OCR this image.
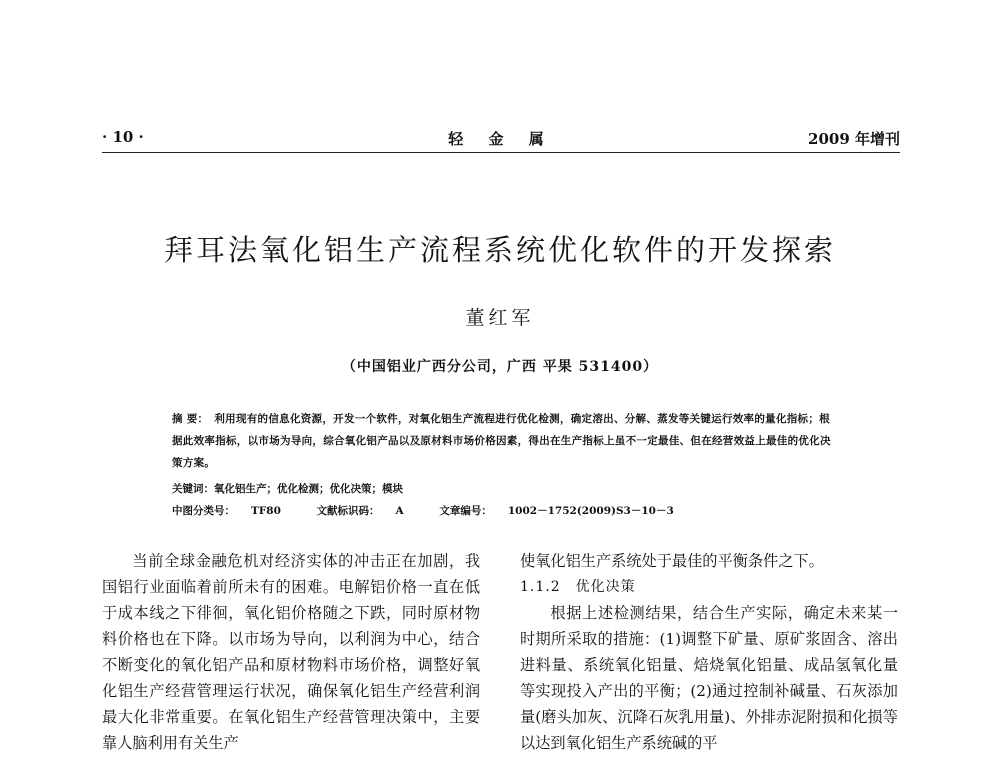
· 10 ·	轻 金 属	2009 年增刊
拜耳法氧化铝生产流程系统优化软件的开发探索
董红军
（中国铝业广西分公司，广西 平果 531400）
摘 要： 利用现有的信息化资源，开发一个软件，对氧化铝生产流程进行优化检测，确定溶出、分解、蒸发等关键运行效率的量化指标；根据此效率指标，以市场为导向，综合氧化铝产品以及原材料市场价格因素，得出在生产指标上虽不一定最佳、但在经营效益上最佳的优化决策方案。
关键词：氧化铝生产；优化检测；优化决策；模块
中图分类号： TF80	文献标识码： A	文章编号： 1002－1752(2009)S3－10－3

当前全球金融危机对经济实体的冲击正在加剧，我国铝行业面临着前所未有的困难。电解铝价格一直在低于成本线之下徘徊，氧化铝价格随之下跌，同时原材物料价格也在下降。以市场为导向，以利润为中心，结合不断变化的氧化铝产品和原材物料市场价格，调整好氧化铝生产经营管理运行状况，确保氧化铝生产经营利润最大化非常重要。在氧化铝生产经营管理决策中，主要靠人脑利用有关生产

使氧化铝生产系统处于最佳的平衡条件之下。

1.1.2　优化决策

根据上述检测结果，结合生产实际，确定未来某一时期所采取的措施：(1)调整下矿量、原矿浆固含、溶出进料量、系统氧化铝量、焙烧氧化铝量、成品氢氧化量等实现投入产出的平衡；(2)通过控制补碱量、石灰添加量(磨头加灰、沉降石灰乳用量)、外排赤泥附损和化损等以达到氧化铝生产系统碱的平
